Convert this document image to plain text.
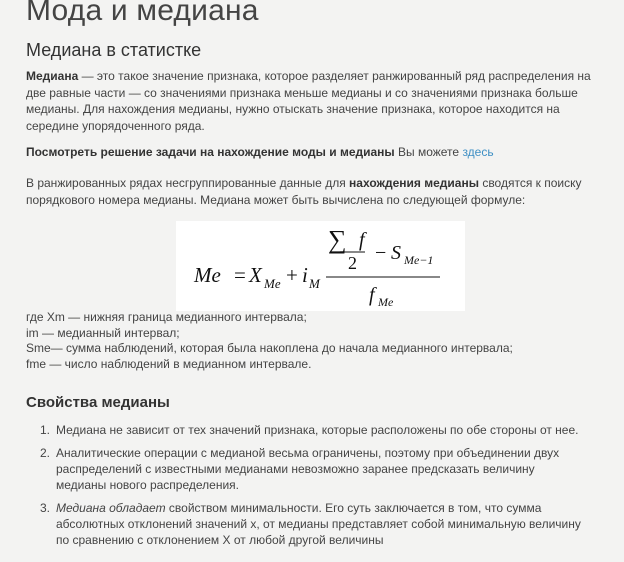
Мода и медиана
Медиана в статистке

Медиана — это такое значение признака, которое разделяет ранжированный ряд распределения на две равные части — со значениями признака меньше медианы и со значениями признака больше медианы. Для нахождения медианы, нужно отыскать значение признака, которое находится на середине упорядоченного ряда.

Посмотреть решение задачи на нахождение моды и медианы Вы можете здесь

В ранжированных рядах несгруппированные данные для нахождения медианы сводятся к поиску порядкового номера медианы. Медиана может быть вычислена по следующей формуле:

Me = X Me + i M
∑ f
2 − S Me−1
f Me
где Xm — нижняя граница медианного интервала;
im — медианный интервал;
Sme— сумма наблюдений, которая была накоплена до начала медианного интервала;
fme — число наблюдений в медианном интервале.
Свойства медианы
1. Медиана не зависит от тех значений признака, которые расположены по обе стороны от нее.
2. Аналитические операции с медианой весьма ограничены, поэтому при объединении двух распределений с известными медианами невозможно заранее предсказать величину медианы нового распределения.
3. Медиана обладает свойством минимальности. Его суть заключается в том, что сумма абсолютных отклонений значений х, от медианы представляет собой минимальную величину по сравнению с отклонением Х от любой другой величины
